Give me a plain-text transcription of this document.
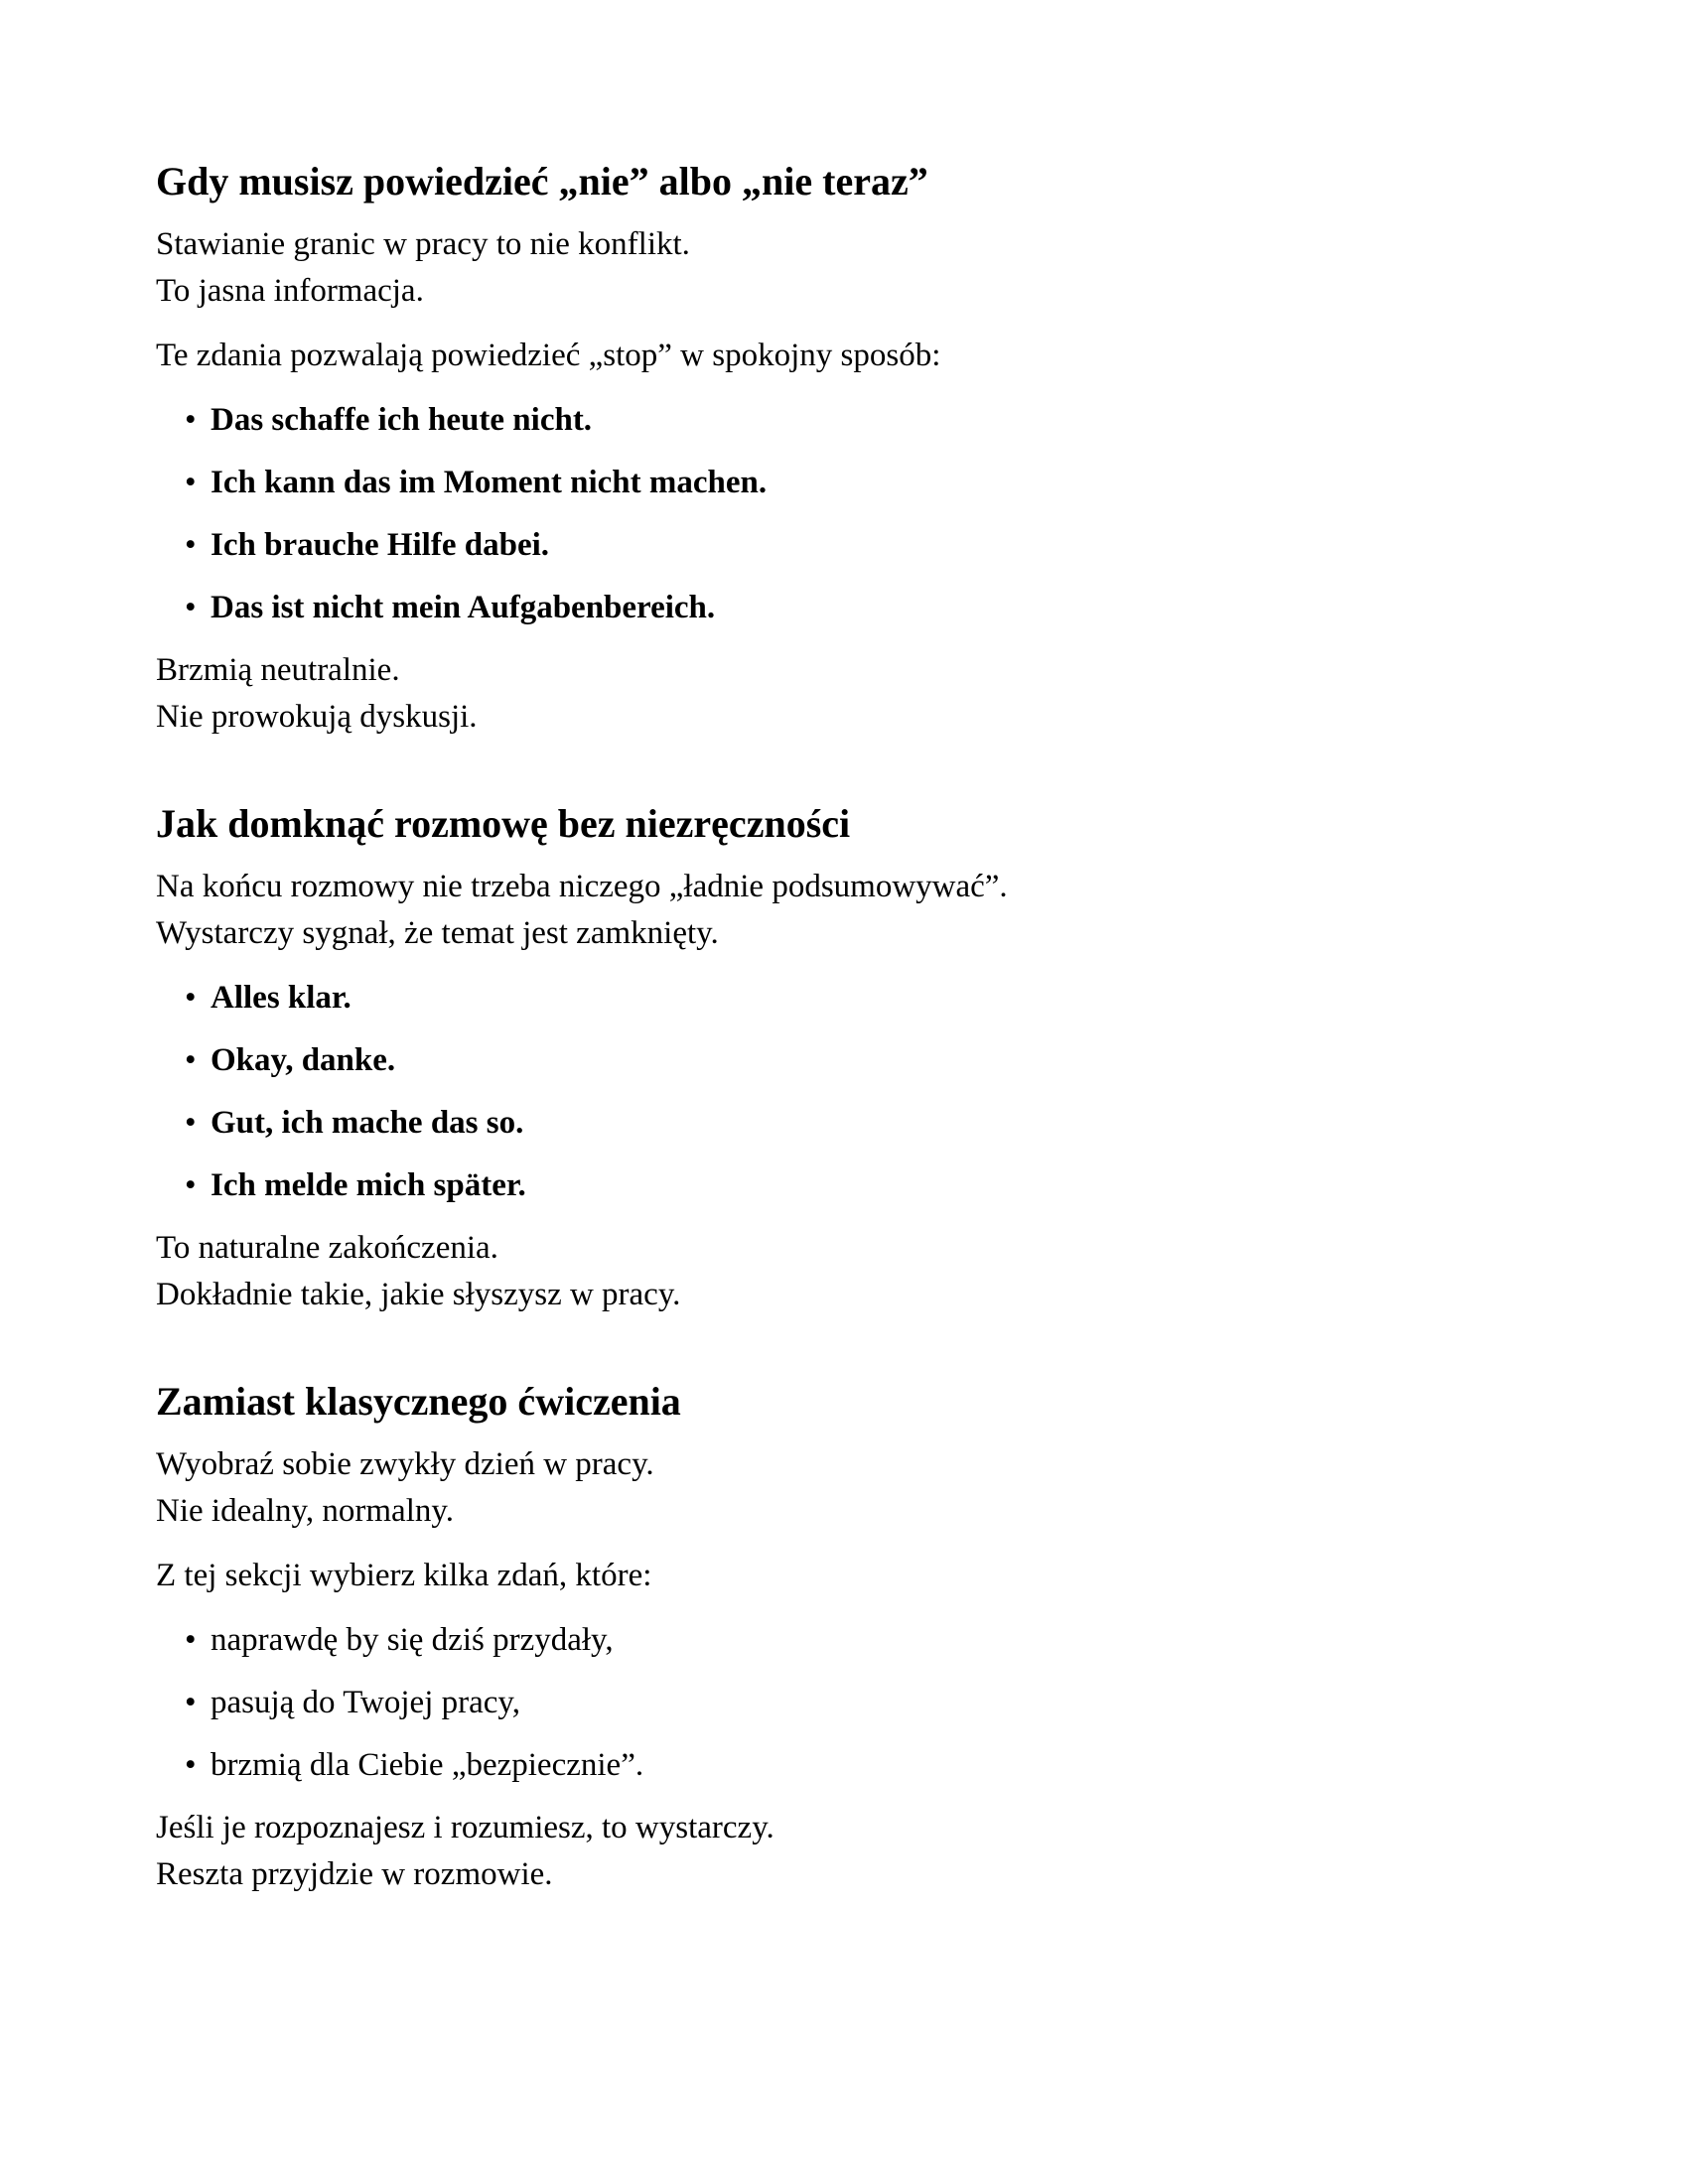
Gdy musisz powiedzieć „nie” albo „nie teraz”

Stawianie granic w pracy to nie konflikt.
To jasna informacja.

Te zdania pozwalają powiedzieć „stop” w spokojny sposób:

• Das schaffe ich heute nicht.
• Ich kann das im Moment nicht machen.
• Ich brauche Hilfe dabei.
• Das ist nicht mein Aufgabenbereich.

Brzmią neutralnie.
Nie prowokują dyskusji.

Jak domknąć rozmowę bez niezręczności

Na końcu rozmowy nie trzeba niczego „ładnie podsumowywać”.
Wystarczy sygnał, że temat jest zamknięty.

• Alles klar.
• Okay, danke.
• Gut, ich mache das so.
• Ich melde mich später.

To naturalne zakończenia.
Dokładnie takie, jakie słyszysz w pracy.

Zamiast klasycznego ćwiczenia

Wyobraź sobie zwykły dzień w pracy.
Nie idealny, normalny.

Z tej sekcji wybierz kilka zdań, które:

• naprawdę by się dziś przydały,
• pasują do Twojej pracy,
• brzmią dla Ciebie „bezpiecznie”.

Jeśli je rozpoznajesz i rozumiesz, to wystarczy.
Reszta przyjdzie w rozmowie.
